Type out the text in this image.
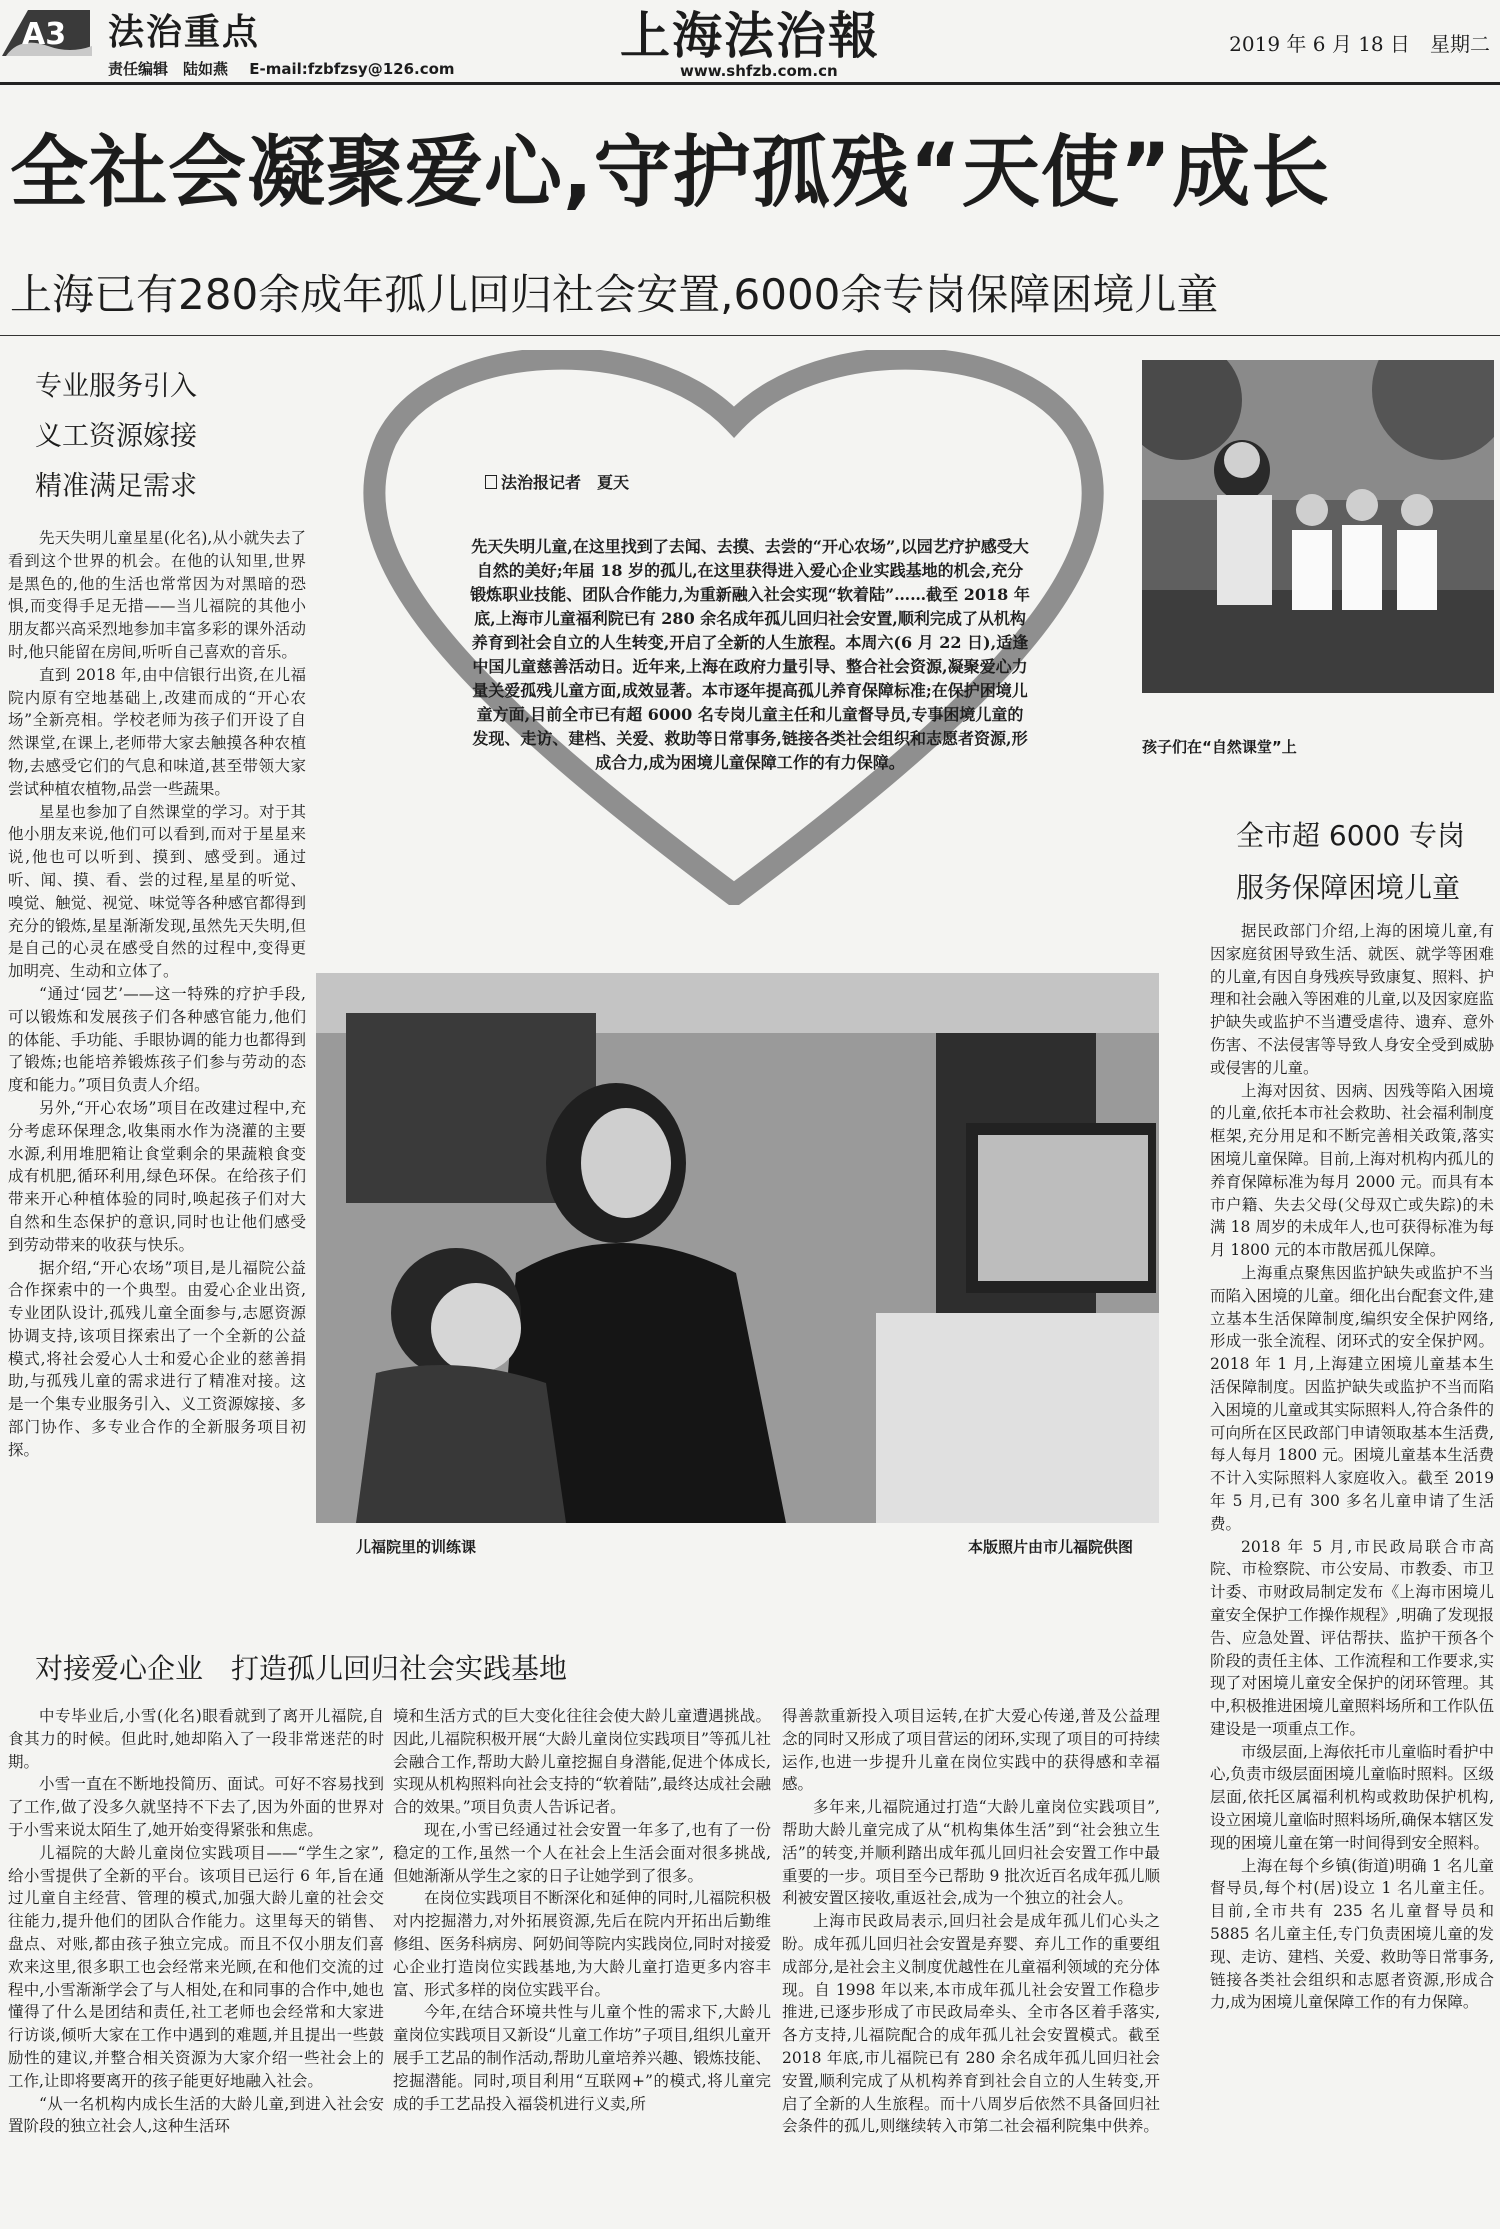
A3 法治重点
责任编辑　陆如燕 E-mail:fzbfzsy@126.com
上海法治報
www.shfzb.com.cn
2019 年 6 月 18 日　星期二
全社会凝聚爱心,守护孤残“天使”成长
上海已有280余成年孤儿回归社会安置,6000余专岗保障困境儿童
专业服务引入
义工资源嫁接
精准满足需求

先天失明儿童星星(化名),从小就失去了看到这个世界的机会。在他的认知里,世界是黑色的,他的生活也常常因为对黑暗的恐惧,而变得手足无措——当儿福院的其他小朋友都兴高采烈地参加丰富多彩的课外活动时,他只能留在房间,听听自己喜欢的音乐。

直到 2018 年,由中信银行出资,在儿福院内原有空地基础上,改建而成的“开心农场”全新亮相。学校老师为孩子们开设了自然课堂,在课上,老师带大家去触摸各种农植物,去感受它们的气息和味道,甚至带领大家尝试种植农植物,品尝一些蔬果。

星星也参加了自然课堂的学习。对于其他小朋友来说,他们可以看到,而对于星星来说,他也可以听到、摸到、感受到。通过听、闻、摸、看、尝的过程,星星的听觉、嗅觉、触觉、视觉、味觉等各种感官都得到充分的锻炼,星星渐渐发现,虽然先天失明,但是自己的心灵在感受自然的过程中,变得更加明亮、生动和立体了。

“通过‘园艺’——这一特殊的疗护手段,可以锻炼和发展孩子们各种感官能力,他们的体能、手功能、手眼协调的能力也都得到了锻炼;也能培养锻炼孩子们参与劳动的态度和能力。”项目负责人介绍。

另外,“开心农场”项目在改建过程中,充分考虑环保理念,收集雨水作为浇灌的主要水源,利用堆肥箱让食堂剩余的果蔬粮食变成有机肥,循环利用,绿色环保。在给孩子们带来开心种植体验的同时,唤起孩子们对大自然和生态保护的意识,同时也让他们感受到劳动带来的收获与快乐。

据介绍,“开心农场”项目,是儿福院公益合作探索中的一个典型。由爱心企业出资,专业团队设计,孤残儿童全面参与,志愿资源协调支持,该项目探索出了一个全新的公益模式,将社会爱心人士和爱心企业的慈善捐助,与孤残儿童的需求进行了精准对接。这是一个集专业服务引入、义工资源嫁接、多部门协作、多专业合作的全新服务项目初探。

法治报记者　夏天
先天失明儿童,在这里找到了去闻、去摸、去尝的“开心农场”,以园艺疗护感受大自然的美好;年届 18 岁的孤儿,在这里获得进入爱心企业实践基地的机会,充分锻炼职业技能、团队合作能力,为重新融入社会实现“软着陆”……截至 2018 年底,上海市儿童福利院已有 280 余名成年孤儿回归社会安置,顺利完成了从机构养育到社会自立的人生转变,开启了全新的人生旅程。本周六(6 月 22 日),适逢中国儿童慈善活动日。近年来,上海在政府力量引导、整合社会资源,凝聚爱心力量关爱孤残儿童方面,成效显著。本市逐年提高孤儿养育保障标准;在保护困境儿童方面,目前全市已有超 6000 名专岗儿童主任和儿童督导员,专事困境儿童的发现、走访、建档、关爱、救助等日常事务,链接各类社会组织和志愿者资源,形成合力,成为困境儿童保障工作的有力保障。
孩子们在“自然课堂”上
全市超 6000 专岗
服务保障困境儿童

据民政部门介绍,上海的困境儿童,有因家庭贫困导致生活、就医、就学等困难的儿童,有因自身残疾导致康复、照料、护理和社会融入等困难的儿童,以及因家庭监护缺失或监护不当遭受虐待、遗弃、意外伤害、不法侵害等导致人身安全受到威胁或侵害的儿童。

上海对因贫、因病、因残等陷入困境的儿童,依托本市社会救助、社会福利制度框架,充分用足和不断完善相关政策,落实困境儿童保障。目前,上海对机构内孤儿的养育保障标准为每月 2000 元。而具有本市户籍、失去父母(父母双亡或失踪)的未满 18 周岁的未成年人,也可获得标准为每月 1800 元的本市散居孤儿保障。

上海重点聚焦因监护缺失或监护不当而陷入困境的儿童。细化出台配套文件,建立基本生活保障制度,编织安全保护网络,形成一张全流程、闭环式的安全保护网。2018 年 1 月,上海建立困境儿童基本生活保障制度。因监护缺失或监护不当而陷入困境的儿童或其实际照料人,符合条件的可向所在区民政部门申请领取基本生活费,每人每月 1800 元。困境儿童基本生活费不计入实际照料人家庭收入。截至 2019 年 5 月,已有 300 多名儿童申请了生活费。

2018 年 5 月,市民政局联合市高院、市检察院、市公安局、市教委、市卫计委、市财政局制定发布《上海市困境儿童安全保护工作操作规程》,明确了发现报告、应急处置、评估帮扶、监护干预各个阶段的责任主体、工作流程和工作要求,实现了对困境儿童安全保护的闭环管理。其中,积极推进困境儿童照料场所和工作队伍建设是一项重点工作。

市级层面,上海依托市儿童临时看护中心,负责市级层面困境儿童临时照料。区级层面,依托区属福利机构或救助保护机构,设立困境儿童临时照料场所,确保本辖区发现的困境儿童在第一时间得到安全照料。

上海在每个乡镇(街道)明确 1 名儿童督导员,每个村(居)设立 1 名儿童主任。目前,全市共有 235 名儿童督导员和 5885 名儿童主任,专门负责困境儿童的发现、走访、建档、关爱、救助等日常事务,链接各类社会组织和志愿者资源,形成合力,成为困境儿童保障工作的有力保障。

儿福院里的训练课	本版照片由市儿福院供图
对接爱心企业　打造孤儿回归社会实践基地

中专毕业后,小雪(化名)眼看就到了离开儿福院,自食其力的时候。但此时,她却陷入了一段非常迷茫的时期。

小雪一直在不断地投简历、面试。可好不容易找到了工作,做了没多久就坚持不下去了,因为外面的世界对于小雪来说太陌生了,她开始变得紧张和焦虑。

儿福院的大龄儿童岗位实践项目——“学生之家”,给小雪提供了全新的平台。该项目已运行 6 年,旨在通过儿童自主经营、管理的模式,加强大龄儿童的社会交往能力,提升他们的团队合作能力。这里每天的销售、盘点、对账,都由孩子独立完成。而且不仅小朋友们喜欢来这里,很多职工也会经常来光顾,在和他们交流的过程中,小雪渐渐学会了与人相处,在和同事的合作中,她也懂得了什么是团结和责任,社工老师也会经常和大家进行访谈,倾听大家在工作中遇到的难题,并且提出一些鼓励性的建议,并整合相关资源为大家介绍一些社会上的工作,让即将要离开的孩子能更好地融入社会。

“从一名机构内成长生活的大龄儿童,到进入社会安置阶段的独立社会人,这种生活环

境和生活方式的巨大变化往往会使大龄儿童遭遇挑战。因此,儿福院积极开展“大龄儿童岗位实践项目”等孤儿社会融合工作,帮助大龄儿童挖掘自身潜能,促进个体成长,实现从机构照料向社会支持的“软着陆”,最终达成社会融合的效果。”项目负责人告诉记者。

现在,小雪已经通过社会安置一年多了,也有了一份稳定的工作,虽然一个人在社会上生活会面对很多挑战,但她渐渐从学生之家的日子让她学到了很多。

在岗位实践项目不断深化和延伸的同时,儿福院积极对内挖掘潜力,对外拓展资源,先后在院内开拓出后勤维修组、医务科病房、阿奶间等院内实践岗位,同时对接爱心企业打造岗位实践基地,为大龄儿童打造更多内容丰富、形式多样的岗位实践平台。

今年,在结合环境共性与儿童个性的需求下,大龄儿童岗位实践项目又新设“儿童工作坊”子项目,组织儿童开展手工艺品的制作活动,帮助儿童培养兴趣、锻炼技能、挖掘潜能。同时,项目利用“互联网+”的模式,将儿童完成的手工艺品投入福袋机进行义卖,所

得善款重新投入项目运转,在扩大爱心传递,普及公益理念的同时又形成了项目营运的闭环,实现了项目的可持续运作,也进一步提升儿童在岗位实践中的获得感和幸福感。

多年来,儿福院通过打造“大龄儿童岗位实践项目”,帮助大龄儿童完成了从“机构集体生活”到“社会独立生活”的转变,并顺利踏出成年孤儿回归社会安置工作中最重要的一步。项目至今已帮助 9 批次近百名成年孤儿顺利被安置区接收,重返社会,成为一个独立的社会人。

上海市民政局表示,回归社会是成年孤儿们心头之盼。成年孤儿回归社会安置是弃婴、弃儿工作的重要组成部分,是社会主义制度优越性在儿童福利领域的充分体现。自 1998 年以来,本市成年孤儿社会安置工作稳步推进,已逐步形成了市民政局牵头、全市各区着手落实,各方支持,儿福院配合的成年孤儿社会安置模式。截至 2018 年底,市儿福院已有 280 余名成年孤儿回归社会安置,顺利完成了从机构养育到社会自立的人生转变,开启了全新的人生旅程。而十八周岁后依然不具备回归社会条件的孤儿,则继续转入市第二社会福利院集中供养。
